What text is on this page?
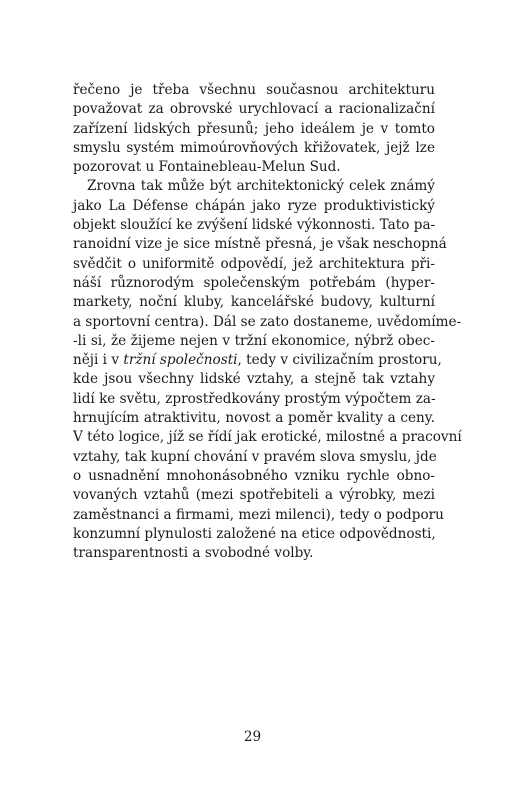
řečeno je třeba všechnu současnou architekturu
považovat za obrovské urychlovací a racionalizační
zařízení lidských přesunů; jeho ideálem je v tomto
smyslu systém mimoúrovňových křižovatek, jejž lze
pozorovat u Fontainebleau-Melun Sud.
Zrovna tak může být architektonický celek známý
jako La Défense chápán jako ryze produktivistický
objekt sloužící ke zvýšení lidské výkonnosti. Tato pa-
ranoidní vize je sice místně přesná, je však neschopná
svědčit o uniformitě odpovědí, jež architektura při-
náší různorodým společenským potřebám (hyper-
markety, noční kluby, kancelářské budovy, kulturní
a sportovní centra). Dál se zato dostaneme, uvědomíme-
-li si, že žijeme nejen v tržní ekonomice, nýbrž obec-
něji i v tržní společnosti, tedy v civilizačním prostoru,
kde jsou všechny lidské vztahy, a stejně tak vztahy
lidí ke světu, zprostředkovány prostým výpočtem za-
hrnujícím atraktivitu, novost a poměr kvality a ceny.
V této logice, jíž se řídí jak erotické, milostné a pracovní
vztahy, tak kupní chování v pravém slova smyslu, jde
o usnadnění mnohonásobného vzniku rychle obno-
vovaných vztahů (mezi spotřebiteli a výrobky, mezi
zaměstnanci a firmami, mezi milenci), tedy o podporu
konzumní plynulosti založené na etice odpovědnosti,
transparentnosti a svobodné volby.
29
